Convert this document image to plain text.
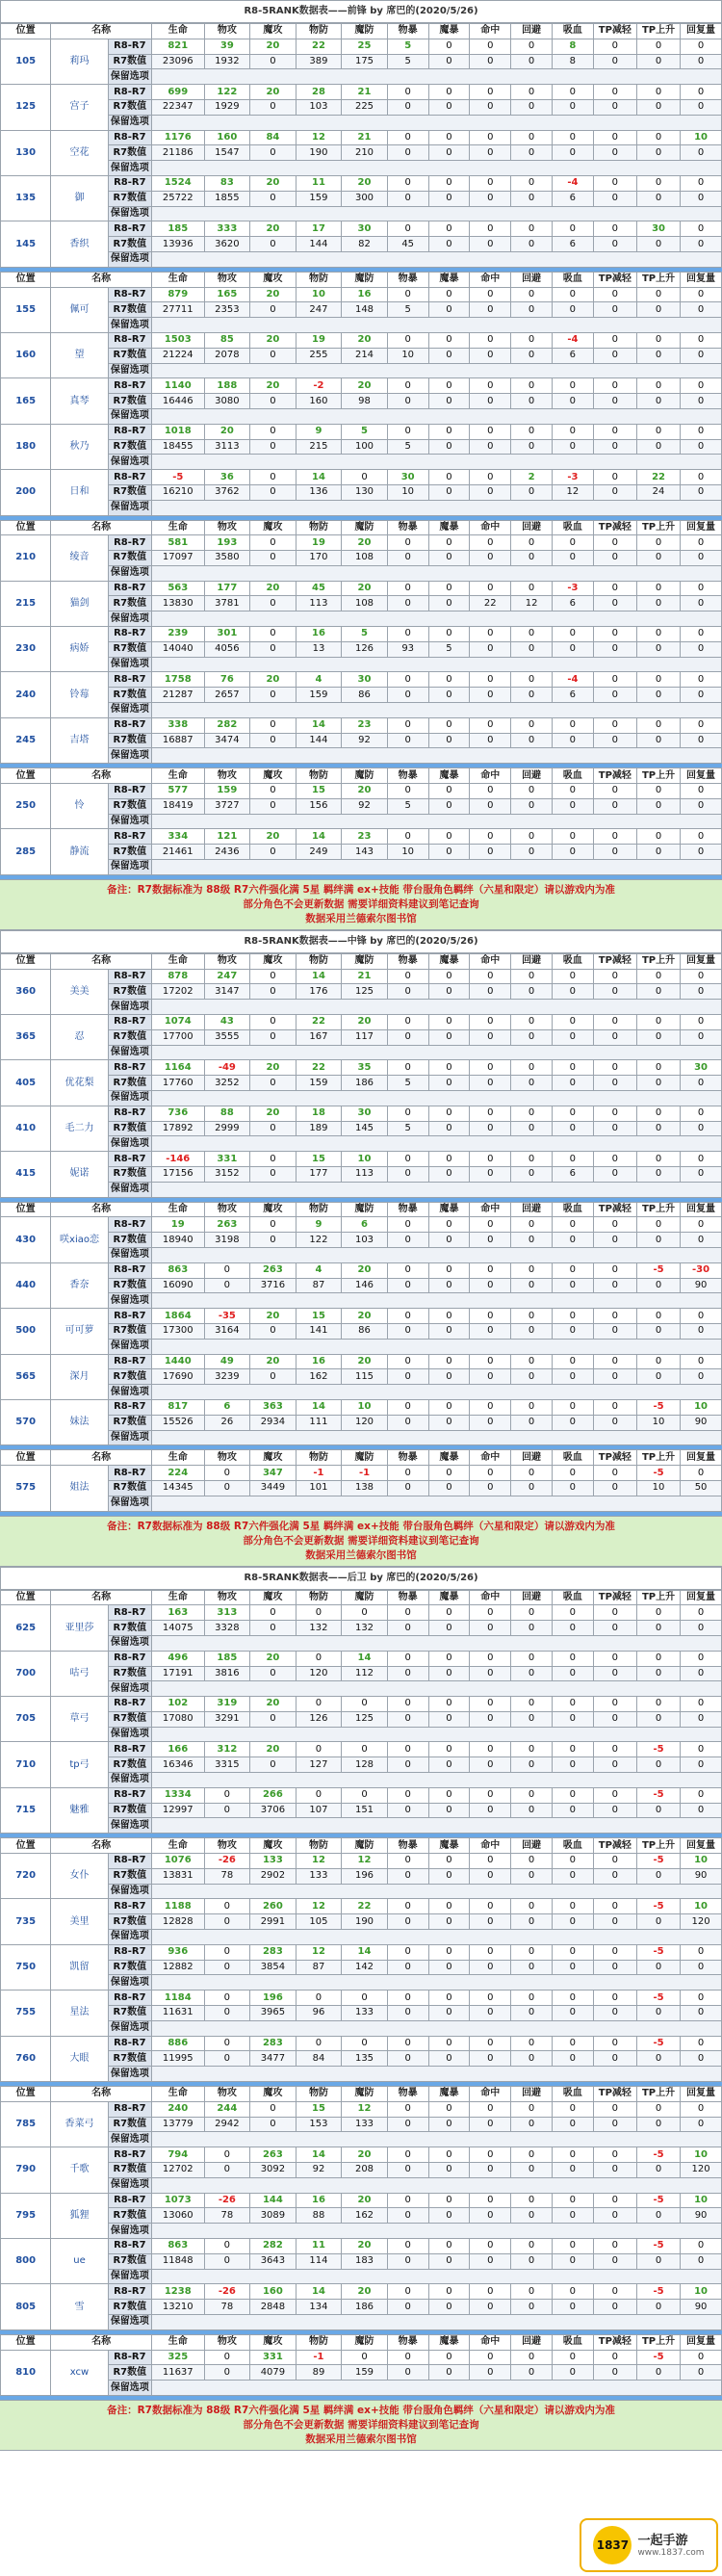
R8-5RANK数据表——前锋 by 席巴的(2020/5/26)
位置	名称		生命	物攻	魔攻	物防	魔防	物暴	魔暴	命中	回避	吸血	TP减轻	TP上升	回复量
105	莉玛	R8-R7	821	39	20	22	25	5	0	0	0	8	0	0	0
		R7数值	23096	1932	0	389	175	5	0	0	0	8	0	0	0
		保留选项													
125	宫子	R8-R7	699	122	20	28	21	0	0	0	0	0	0	0	0
		R7数值	22347	1929	0	103	225	0	0	0	0	0	0	0	0
		保留选项													
130	空花	R8-R7	1176	160	84	12	21	0	0	0	0	0	0	0	10
		R7数值	21186	1547	0	190	210	0	0	0	0	0	0	0	0
		保留选项													
135	御	R8-R7	1524	83	20	11	20	0	0	0	0	-4	0	0	0
		R7数值	25722	1855	0	159	300	0	0	0	0	6	0	0	0
		保留选项													
145	香织	R8-R7	185	333	20	17	30	0	0	0	0	0	0	30	0
		R7数值	13936	3620	0	144	82	45	0	0	0	6	0	0	0
		保留选项													
位置	名称		生命	物攻	魔攻	物防	魔防	物暴	魔暴	命中	回避	吸血	TP减轻	TP上升	回复量
155	佩可	R8-R7	879	165	20	10	16	0	0	0	0	0	0	0	0
		R7数值	27711	2353	0	247	148	5	0	0	0	0	0	0	0
		保留选项													
160	望	R8-R7	1503	85	20	19	20	0	0	0	0	-4	0	0	0
		R7数值	21224	2078	0	255	214	10	0	0	0	6	0	0	0
		保留选项													
165	真琴	R8-R7	1140	188	20	-2	20	0	0	0	0	0	0	0	0
		R7数值	16446	3080	0	160	98	0	0	0	0	0	0	0	0
		保留选项													
180	秋乃	R8-R7	1018	20	0	9	5	0	0	0	0	0	0	0	0
		R7数值	18455	3113	0	215	100	5	0	0	0	0	0	0	0
		保留选项													
200	日和	R8-R7	-5	36	0	14	0	30	0	0	2	-3	0	22	0
		R7数值	16210	3762	0	136	130	10	0	0	0	12	0	24	0
		保留选项													
位置	名称		生命	物攻	魔攻	物防	魔防	物暴	魔暴	命中	回避	吸血	TP减轻	TP上升	回复量
210	绫音	R8-R7	581	193	0	19	20	0	0	0	0	0	0	0	0
		R7数值	17097	3580	0	170	108	0	0	0	0	0	0	0	0
		保留选项													
215	猫剑	R8-R7	563	177	20	45	20	0	0	0	0	-3	0	0	0
		R7数值	13830	3781	0	113	108	0	0	22	12	6	0	0	0
		保留选项													
230	病娇	R8-R7	239	301	0	16	5	0	0	0	0	0	0	0	0
		R7数值	14040	4056	0	13	126	93	5	0	0	0	0	0	0
		保留选项													
240	铃莓	R8-R7	1758	76	20	4	30	0	0	0	0	-4	0	0	0
		R7数值	21287	2657	0	159	86	0	0	0	0	6	0	0	0
		保留选项													
245	吉塔	R8-R7	338	282	0	14	23	0	0	0	0	0	0	0	0
		R7数值	16887	3474	0	144	92	0	0	0	0	0	0	0	0
		保留选项													
位置	名称		生命	物攻	魔攻	物防	魔防	物暴	魔暴	命中	回避	吸血	TP减轻	TP上升	回复量
250	怜	R8-R7	577	159	0	15	20	0	0	0	0	0	0	0	0
		R7数值	18419	3727	0	156	92	5	0	0	0	0	0	0	0
		保留选项													
285	静流	R8-R7	334	121	20	14	23	0	0	0	0	0	0	0	0
		R7数值	21461	2436	0	249	143	10	0	0	0	0	0	0	0
		保留选项													
备注：R7数据标准为 88级 R7六件强化满 5星 羁绊满 ex+技能 带台服角色羁绊（六星和限定）请以游戏内为准
部分角色不会更新数据 需要详细资料建议到笔记查询
数据采用兰德索尔图书馆
R8-5RANK数据表——中锋 by 席巴的(2020/5/26)
位置	名称		生命	物攻	魔攻	物防	魔防	物暴	魔暴	命中	回避	吸血	TP减轻	TP上升	回复量
360	美美	R8-R7	878	247	0	14	21	0	0	0	0	0	0	0	0
		R7数值	17202	3147	0	176	125	0	0	0	0	0	0	0	0
		保留选项													
365	忍	R8-R7	1074	43	0	22	20	0	0	0	0	0	0	0	0
		R7数值	17700	3555	0	167	117	0	0	0	0	0	0	0	0
		保留选项													
405	优花梨	R8-R7	1164	-49	20	22	35	0	0	0	0	0	0	0	30
		R7数值	17760	3252	0	159	186	5	0	0	0	0	0	0	0
		保留选项													
410	毛二力	R8-R7	736	88	20	18	30	0	0	0	0	0	0	0	0
		R7数值	17892	2999	0	189	145	5	0	0	0	0	0	0	0
		保留选项													
415	妮诺	R8-R7	-146	331	0	15	10	0	0	0	0	0	0	0	0
		R7数值	17156	3152	0	177	113	0	0	0	0	6	0	0	0
		保留选项													
位置	名称		生命	物攻	魔攻	物防	魔防	物暴	魔暴	命中	回避	吸血	TP减轻	TP上升	回复量
430	咲xiao恋	R8-R7	19	263	0	9	6	0	0	0	0	0	0	0	0
		R7数值	18940	3198	0	122	103	0	0	0	0	0	0	0	0
		保留选项													
440	香奈	R8-R7	863	0	263	4	20	0	0	0	0	0	0	-5	-30
		R7数值	16090	0	3716	87	146	0	0	0	0	0	0	0	90
		保留选项													
500	可可萝	R8-R7	1864	-35	20	15	20	0	0	0	0	0	0	0	0
		R7数值	17300	3164	0	141	86	0	0	0	0	0	0	0	0
		保留选项													
565	深月	R8-R7	1440	49	20	16	20	0	0	0	0	0	0	0	0
		R7数值	17690	3239	0	162	115	0	0	0	0	0	0	0	0
		保留选项													
570	妹法	R8-R7	817	6	363	14	10	0	0	0	0	0	0	-5	10
		R7数值	15526	26	2934	111	120	0	0	0	0	0	0	10	90
		保留选项													
位置	名称		生命	物攻	魔攻	物防	魔防	物暴	魔暴	命中	回避	吸血	TP减轻	TP上升	回复量
575	姐法	R8-R7	224	0	347	-1	-1	0	0	0	0	0	0	-5	0
		R7数值	14345	0	3449	101	138	0	0	0	0	0	0	10	50
		保留选项													
备注：R7数据标准为 88级 R7六件强化满 5星 羁绊满 ex+技能 带台服角色羁绊（六星和限定）请以游戏内为准
部分角色不会更新数据 需要详细资料建议到笔记查询
数据采用兰德索尔图书馆
R8-5RANK数据表——后卫 by 席巴的(2020/5/26)
位置	名称		生命	物攻	魔攻	物防	魔防	物暴	魔暴	命中	回避	吸血	TP减轻	TP上升	回复量
625	亚里莎	R8-R7	163	313	0	0	0	0	0	0	0	0	0	0	0
		R7数值	14075	3328	0	132	132	0	0	0	0	0	0	0	0
		保留选项													
700	咕弓	R8-R7	496	185	20	0	14	0	0	0	0	0	0	0	0
		R7数值	17191	3816	0	120	112	0	0	0	0	0	0	0	0
		保留选项													
705	草弓	R8-R7	102	319	20	0	0	0	0	0	0	0	0	0	0
		R7数值	17080	3291	0	126	125	0	0	0	0	0	0	0	0
		保留选项													
710	tp弓	R8-R7	166	312	20	0	0	0	0	0	0	0	0	-5	0
		R7数值	16346	3315	0	127	128	0	0	0	0	0	0	0	0
		保留选项													
715	魅雅	R8-R7	1334	0	266	0	0	0	0	0	0	0	0	-5	0
		R7数值	12997	0	3706	107	151	0	0	0	0	0	0	0	0
		保留选项													
位置	名称		生命	物攻	魔攻	物防	魔防	物暴	魔暴	命中	回避	吸血	TP减轻	TP上升	回复量
720	女仆	R8-R7	1076	-26	133	12	12	0	0	0	0	0	0	-5	10
		R7数值	13831	78	2902	133	196	0	0	0	0	0	0	0	90
		保留选项													
735	美里	R8-R7	1188	0	260	12	22	0	0	0	0	0	0	-5	10
		R7数值	12828	0	2991	105	190	0	0	0	0	0	0	0	120
		保留选项													
750	凯留	R8-R7	936	0	283	12	14	0	0	0	0	0	0	-5	0
		R7数值	12882	0	3854	87	142	0	0	0	0	0	0	0	0
		保留选项													
755	星法	R8-R7	1184	0	196	0	0	0	0	0	0	0	0	-5	0
		R7数值	11631	0	3965	96	133	0	0	0	0	0	0	0	0
		保留选项													
760	大眼	R8-R7	886	0	283	0	0	0	0	0	0	0	0	-5	0
		R7数值	11995	0	3477	84	135	0	0	0	0	0	0	0	0
		保留选项													
位置	名称		生命	物攻	魔攻	物防	魔防	物暴	魔暴	命中	回避	吸血	TP减轻	TP上升	回复量
785	香菜弓	R8-R7	240	244	0	15	12	0	0	0	0	0	0	0	0
		R7数值	13779	2942	0	153	133	0	0	0	0	0	0	0	0
		保留选项													
790	千歌	R8-R7	794	0	263	14	20	0	0	0	0	0	0	-5	10
		R7数值	12702	0	3092	92	208	0	0	0	0	0	0	0	120
		保留选项													
795	狐狸	R8-R7	1073	-26	144	16	20	0	0	0	0	0	0	-5	10
		R7数值	13060	78	3089	88	162	0	0	0	0	0	0	0	90
		保留选项													
800	ue	R8-R7	863	0	282	11	20	0	0	0	0	0	0	-5	0
		R7数值	11848	0	3643	114	183	0	0	0	0	0	0	0	0
		保留选项													
805	雪	R8-R7	1238	-26	160	14	20	0	0	0	0	0	0	-5	10
		R7数值	13210	78	2848	134	186	0	0	0	0	0	0	0	90
		保留选项													
位置	名称		生命	物攻	魔攻	物防	魔防	物暴	魔暴	命中	回避	吸血	TP减轻	TP上升	回复量
810	xcw	R8-R7	325	0	331	-1	0	0	0	0	0	0	0	-5	0
		R7数值	11637	0	4079	89	159	0	0	0	0	0	0	0	0
		保留选项													
备注：R7数据标准为 88级 R7六件强化满 5星 羁绊满 ex+技能 带台服角色羁绊（六星和限定）请以游戏内为准
部分角色不会更新数据 需要详细资料建议到笔记查询
数据采用兰德索尔图书馆
1837 一起手游
www.1837.com
